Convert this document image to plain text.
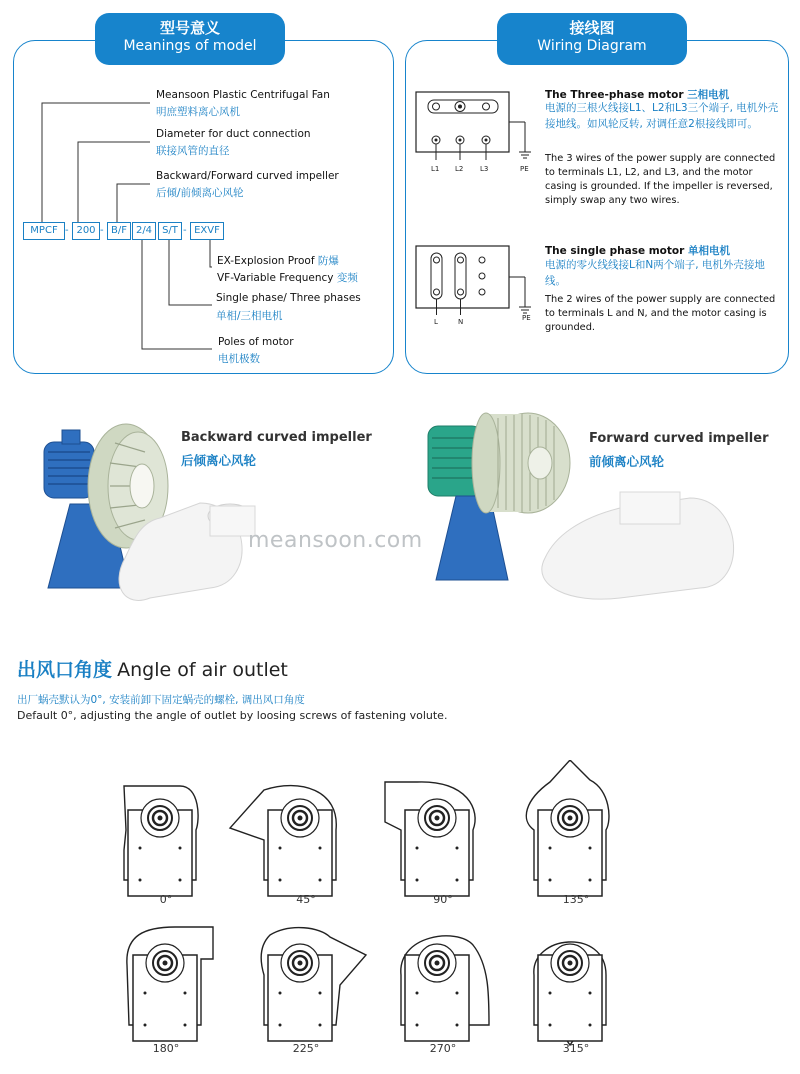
型号意义
Meanings of model
Meansoon Plastic Centrifugal Fan
明庶塑料离心风机
Diameter for duct connection
联接风管的直径
Backward/Forward curved impeller
后倾/前倾离心风轮
MPCF - 200 - B/F 2/4	S/T - EXVF
EX-Explosion Proof 防爆
VF-Variable Frequency 变频
Single phase/ Three phases
单相/三相电机
Poles of motor
电机极数
接线图
Wiring Diagram
L1 L2 L3	PE
The Three-phase motor 三相电机
电源的三根火线接L1、L2和L3三个端子, 电机外壳接地线。如风轮反转, 对调任意2根接线即可。
The 3 wires of the power supply are connected to terminals L1, L2, and L3, and the motor casing is grounded. If the impeller is reversed, simply swap any two wires.
L	N	PE
The single phase motor 单相电机
电源的零火线线接L和N两个端子, 电机外壳接地线。
The 2 wires of the power supply are connected to terminals L and N, and the motor casing is grounded.
Backward curved impeller
后倾离心风轮
Forward curved impeller
前倾离心风轮
meansoon.com
出风口角度 Angle of air outlet
出厂蜗壳默认为0°, 安装前卸下固定蜗壳的螺栓, 调出风口角度
Default 0°, adjusting the angle of outlet by loosing screws of fastening volute.
0°	45°	90°	135°
180°	225°	270°	315°
